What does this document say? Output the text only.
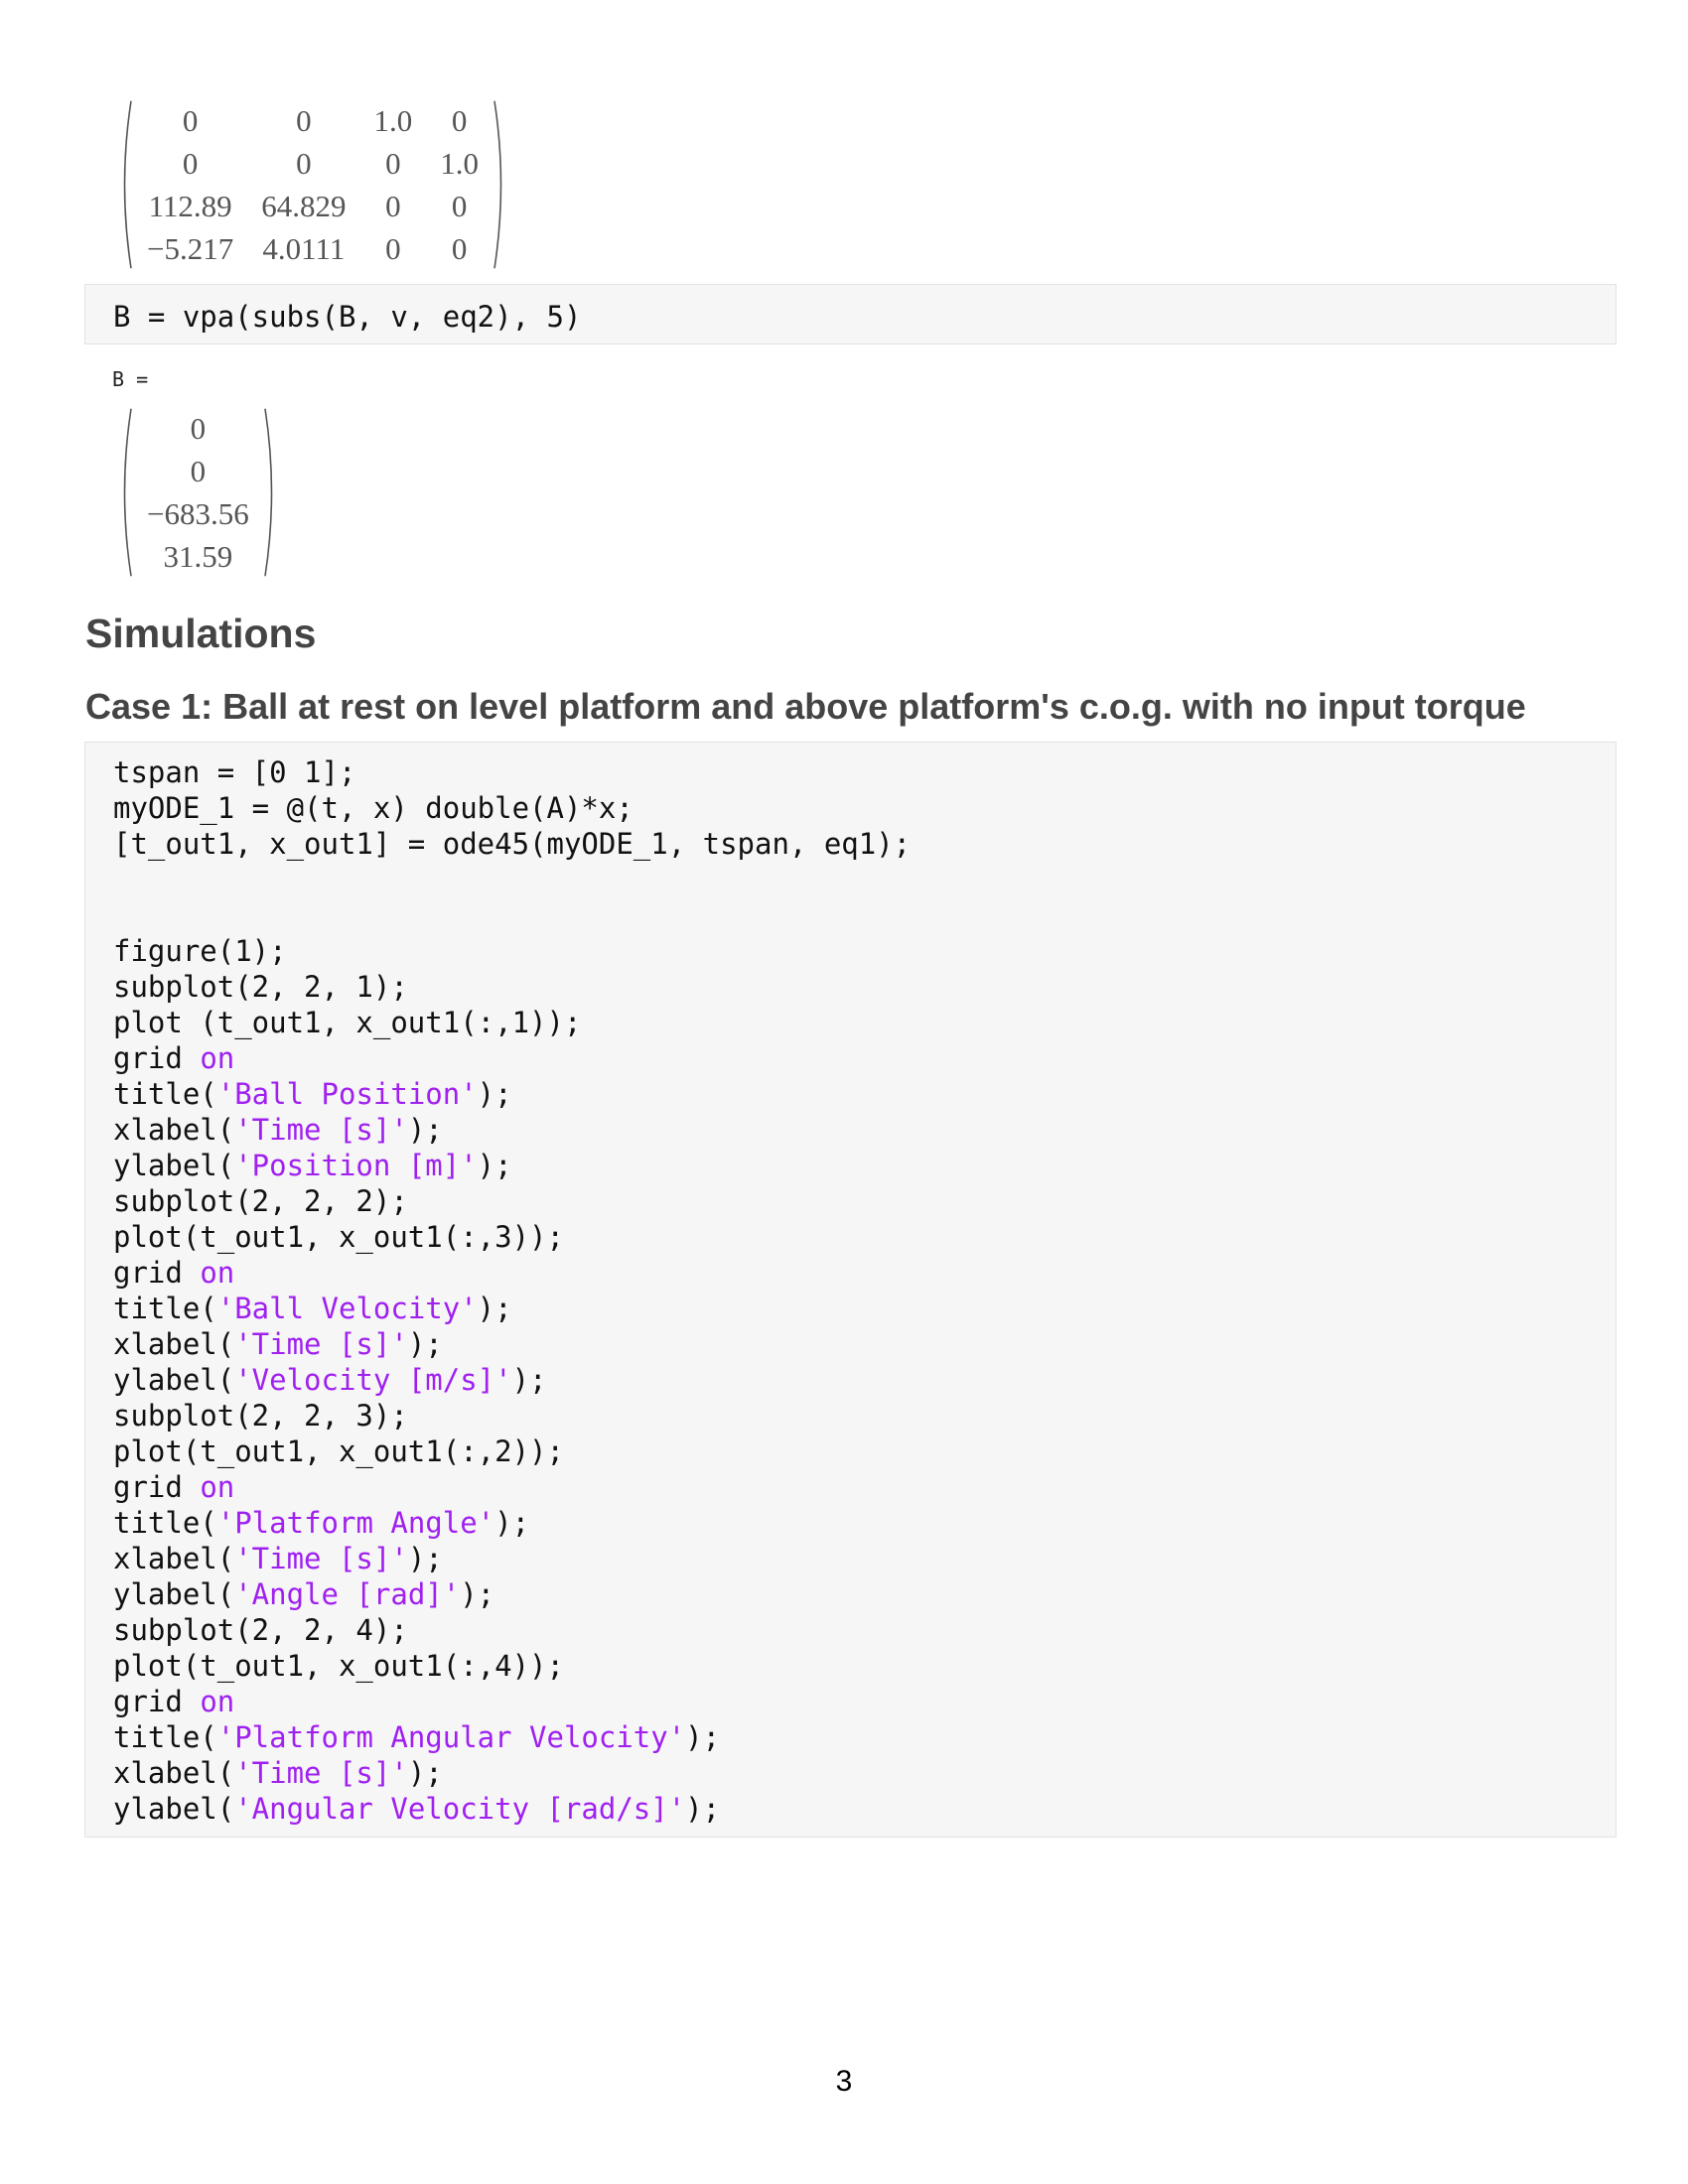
0	0	1.0	0
0	0	0	1.0
112.89	64.829	0	0
−5.217	4.0111	0	0
B = vpa(subs(B, v, eq2), 5)
B =
0
0
−683.56
31.59
Simulations
Case 1: Ball at rest on level platform and above platform's c.o.g. with no input torque
tspan = [0 1];
myODE_1 = @(t, x) double(A)*x;
[t_out1, x_out1] = ode45(myODE_1, tspan, eq1);
figure(1);
subplot(2, 2, 1);
plot (t_out1, x_out1(:,1));
grid on
title('Ball Position');
xlabel('Time [s]');
ylabel('Position [m]');
subplot(2, 2, 2);
plot(t_out1, x_out1(:,3));
grid on
title('Ball Velocity');
xlabel('Time [s]');
ylabel('Velocity [m/s]');
subplot(2, 2, 3);
plot(t_out1, x_out1(:,2));
grid on
title('Platform Angle');
xlabel('Time [s]');
ylabel('Angle [rad]');
subplot(2, 2, 4);
plot(t_out1, x_out1(:,4));
grid on
title('Platform Angular Velocity');
xlabel('Time [s]');
ylabel('Angular Velocity [rad/s]');
3
